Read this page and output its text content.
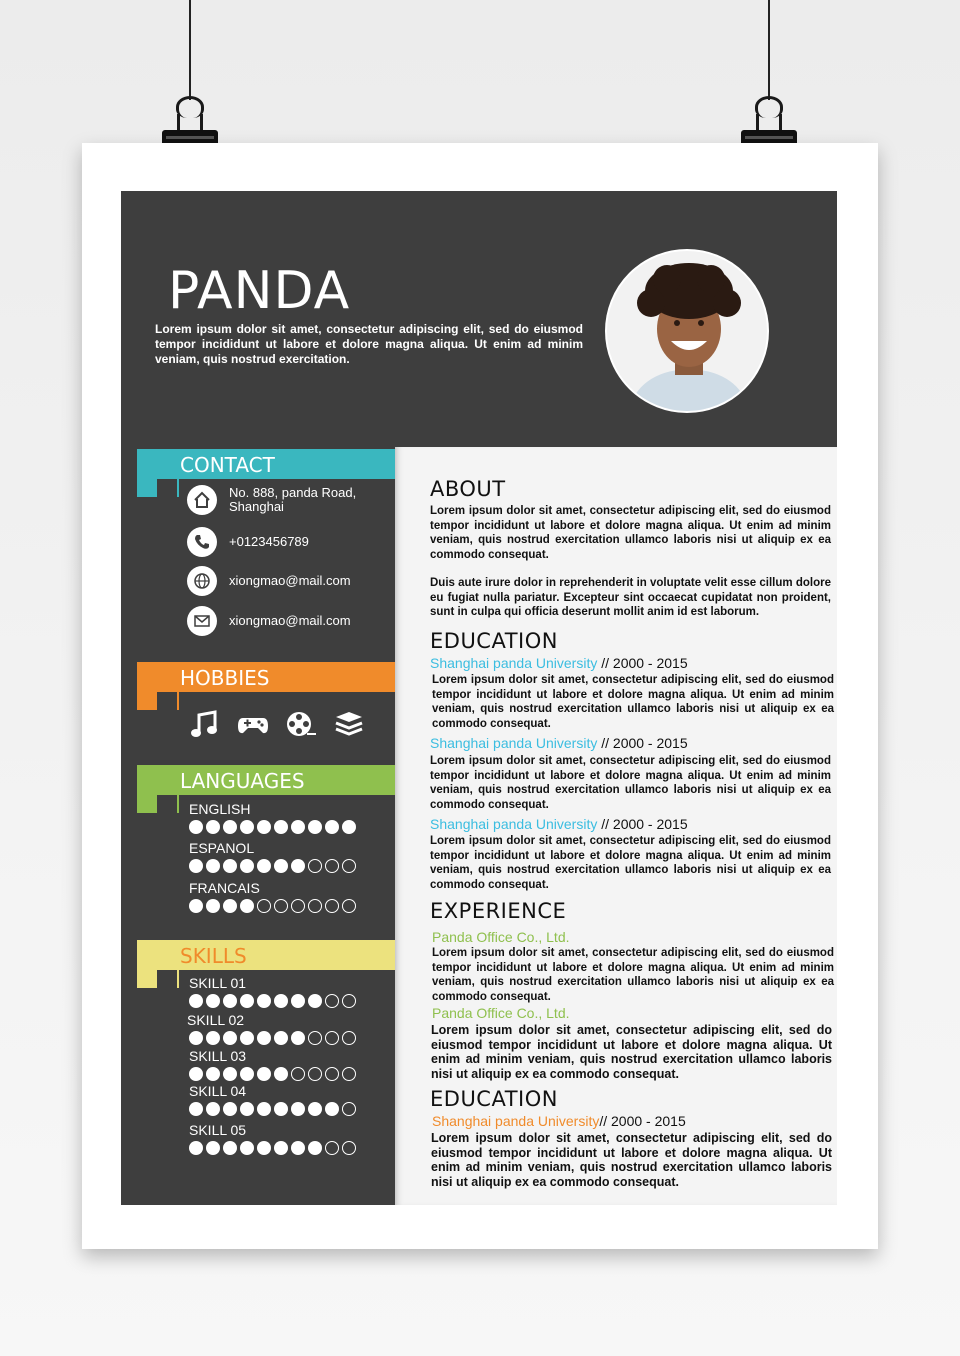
PANDA
Lorem ipsum dolor sit amet, consectetur adipiscing elit, sed do eiusmod tempor incididunt ut labore et dolore magna aliqua. Ut enim ad minim veniam, quis nostrud exercitation.
CONTACT
No. 888, panda Road, Shanghai
+0123456789
xiongmao@mail.com
xiongmao@mail.com
HOBBIES
LANGUAGES
ENGLISH
ESPANOL
FRANCAIS
SKILLS
SKILL 01
SKILL 02
SKILL 03
SKILL 04
SKILL 05
ABOUT
Lorem ipsum dolor sit amet, consectetur adipiscing elit, sed do eiusmod tempor incididunt ut labore et dolore magna aliqua. Ut enim ad minim veniam, quis nostrud exercitation ullamco laboris nisi ut aliquip ex ea commodo consequat.
Duis aute irure dolor in reprehenderit in voluptate velit esse cillum dolore eu fugiat nulla pariatur. Excepteur sint occaecat cupidatat non proident, sunt in culpa qui officia deserunt mollit anim id est laborum.
EDUCATION
Shanghai panda University // 2000 - 2015
Lorem ipsum dolor sit amet, consectetur adipiscing elit, sed do eiusmod tempor incididunt ut labore et dolore magna aliqua. Ut enim ad minim veniam, quis nostrud exercitation ullamco laboris nisi ut aliquip ex ea commodo consequat.
Shanghai panda University // 2000 - 2015
Lorem ipsum dolor sit amet, consectetur adipiscing elit, sed do eiusmod tempor incididunt ut labore et dolore magna aliqua. Ut enim ad minim veniam, quis nostrud exercitation ullamco laboris nisi ut aliquip ex ea commodo consequat.
Shanghai panda University // 2000 - 2015
Lorem ipsum dolor sit amet, consectetur adipiscing elit, sed do eiusmod tempor incididunt ut labore et dolore magna aliqua. Ut enim ad minim veniam, quis nostrud exercitation ullamco laboris nisi ut aliquip ex ea commodo consequat.
EXPERIENCE
Panda Office Co., Ltd.
Lorem ipsum dolor sit amet, consectetur adipiscing elit, sed do eiusmod tempor incididunt ut labore et dolore magna aliqua. Ut enim ad minim veniam, quis nostrud exercitation ullamco laboris nisi ut aliquip ex ea commodo consequat.
Panda Office Co., Ltd.
Lorem ipsum dolor sit amet, consectetur adipiscing elit, sed do eiusmod tempor incididunt ut labore et dolore magna aliqua. Ut enim ad minim veniam, quis nostrud exercitation ullamco laboris nisi ut aliquip ex ea commodo consequat.
EDUCATION
Shanghai panda University// 2000 - 2015
Lorem ipsum dolor sit amet, consectetur adipiscing elit, sed do eiusmod tempor incididunt ut labore et dolore magna aliqua. Ut enim ad minim veniam, quis nostrud exercitation ullamco laboris nisi ut aliquip ex ea commodo consequat.
